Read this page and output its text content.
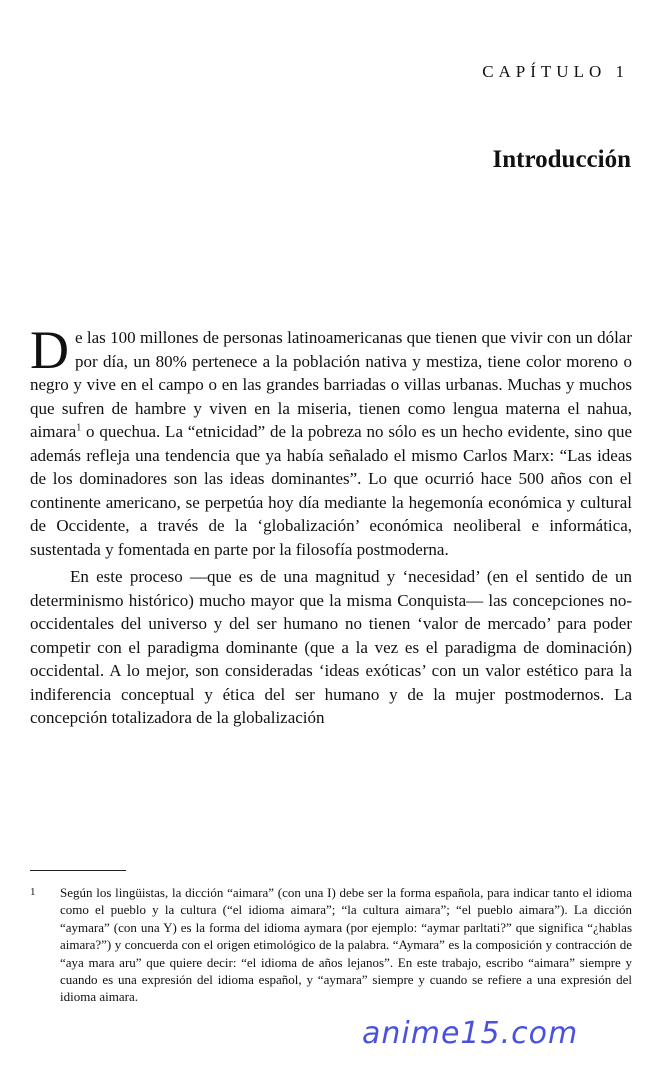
CAPÍTULO 1
Introducción

De las 100 millones de personas latinoamericanas que tienen que vivir con un dólar por día, un 80% pertenece a la población nativa y mestiza, tiene color moreno o negro y vive en el campo o en las grandes barriadas o villas urbanas. Muchas y muchos que sufren de hambre y viven en la miseria, tienen como lengua materna el nahua, aimara$^1$ o quechua. La “etnicidad” de la pobreza no sólo es un hecho evidente, sino que además refleja una tendencia que ya había señalado el mismo Carlos Marx: “Las ideas de los dominadores son las ideas dominantes”. Lo que ocurrió hace 500 años con el continente americano, se perpetúa hoy día mediante la hegemonía económica y cultural de Occidente, a través de la ‘globalización’ económica neoliberal e informática, sustentada y fomentada en parte por la filosofía postmoderna.

En este proceso —que es de una magnitud y ‘necesidad’ (en el sentido de un determinismo histórico) mucho mayor que la misma Conquista— las concepciones no-occidentales del universo y del ser humano no tienen ‘valor de mercado’ para poder competir con el paradigma dominante (que a la vez es el paradigma de dominación) occidental. A lo mejor, son consideradas ‘ideas exóticas’ con un valor estético para la indiferencia conceptual y ética del ser humano y de la mujer postmodernos. La concepción totalizadora de la globalización

1 Según los lingüistas, la dicción “aimara” (con una I) debe ser la forma española, para indicar tanto el idioma como el pueblo y la cultura (“el idioma aimara”; “la cultura aimara”; “el pueblo aimara”). La dicción “aymara” (con una Y) es la forma del idioma aymara (por ejemplo: “aymar parltati?” que significa “¿hablas aimara?”) y concuerda con el origen etimológico de la palabra. “Aymara” es la composición y contracción de “aya mara aru” que quiere decir: “el idioma de años lejanos”. En este trabajo, escribo “aimara” siempre y cuando es una expresión del idioma español, y “aymara” siempre y cuando se refiere a una expresión del idioma aimara.
anime15.com
